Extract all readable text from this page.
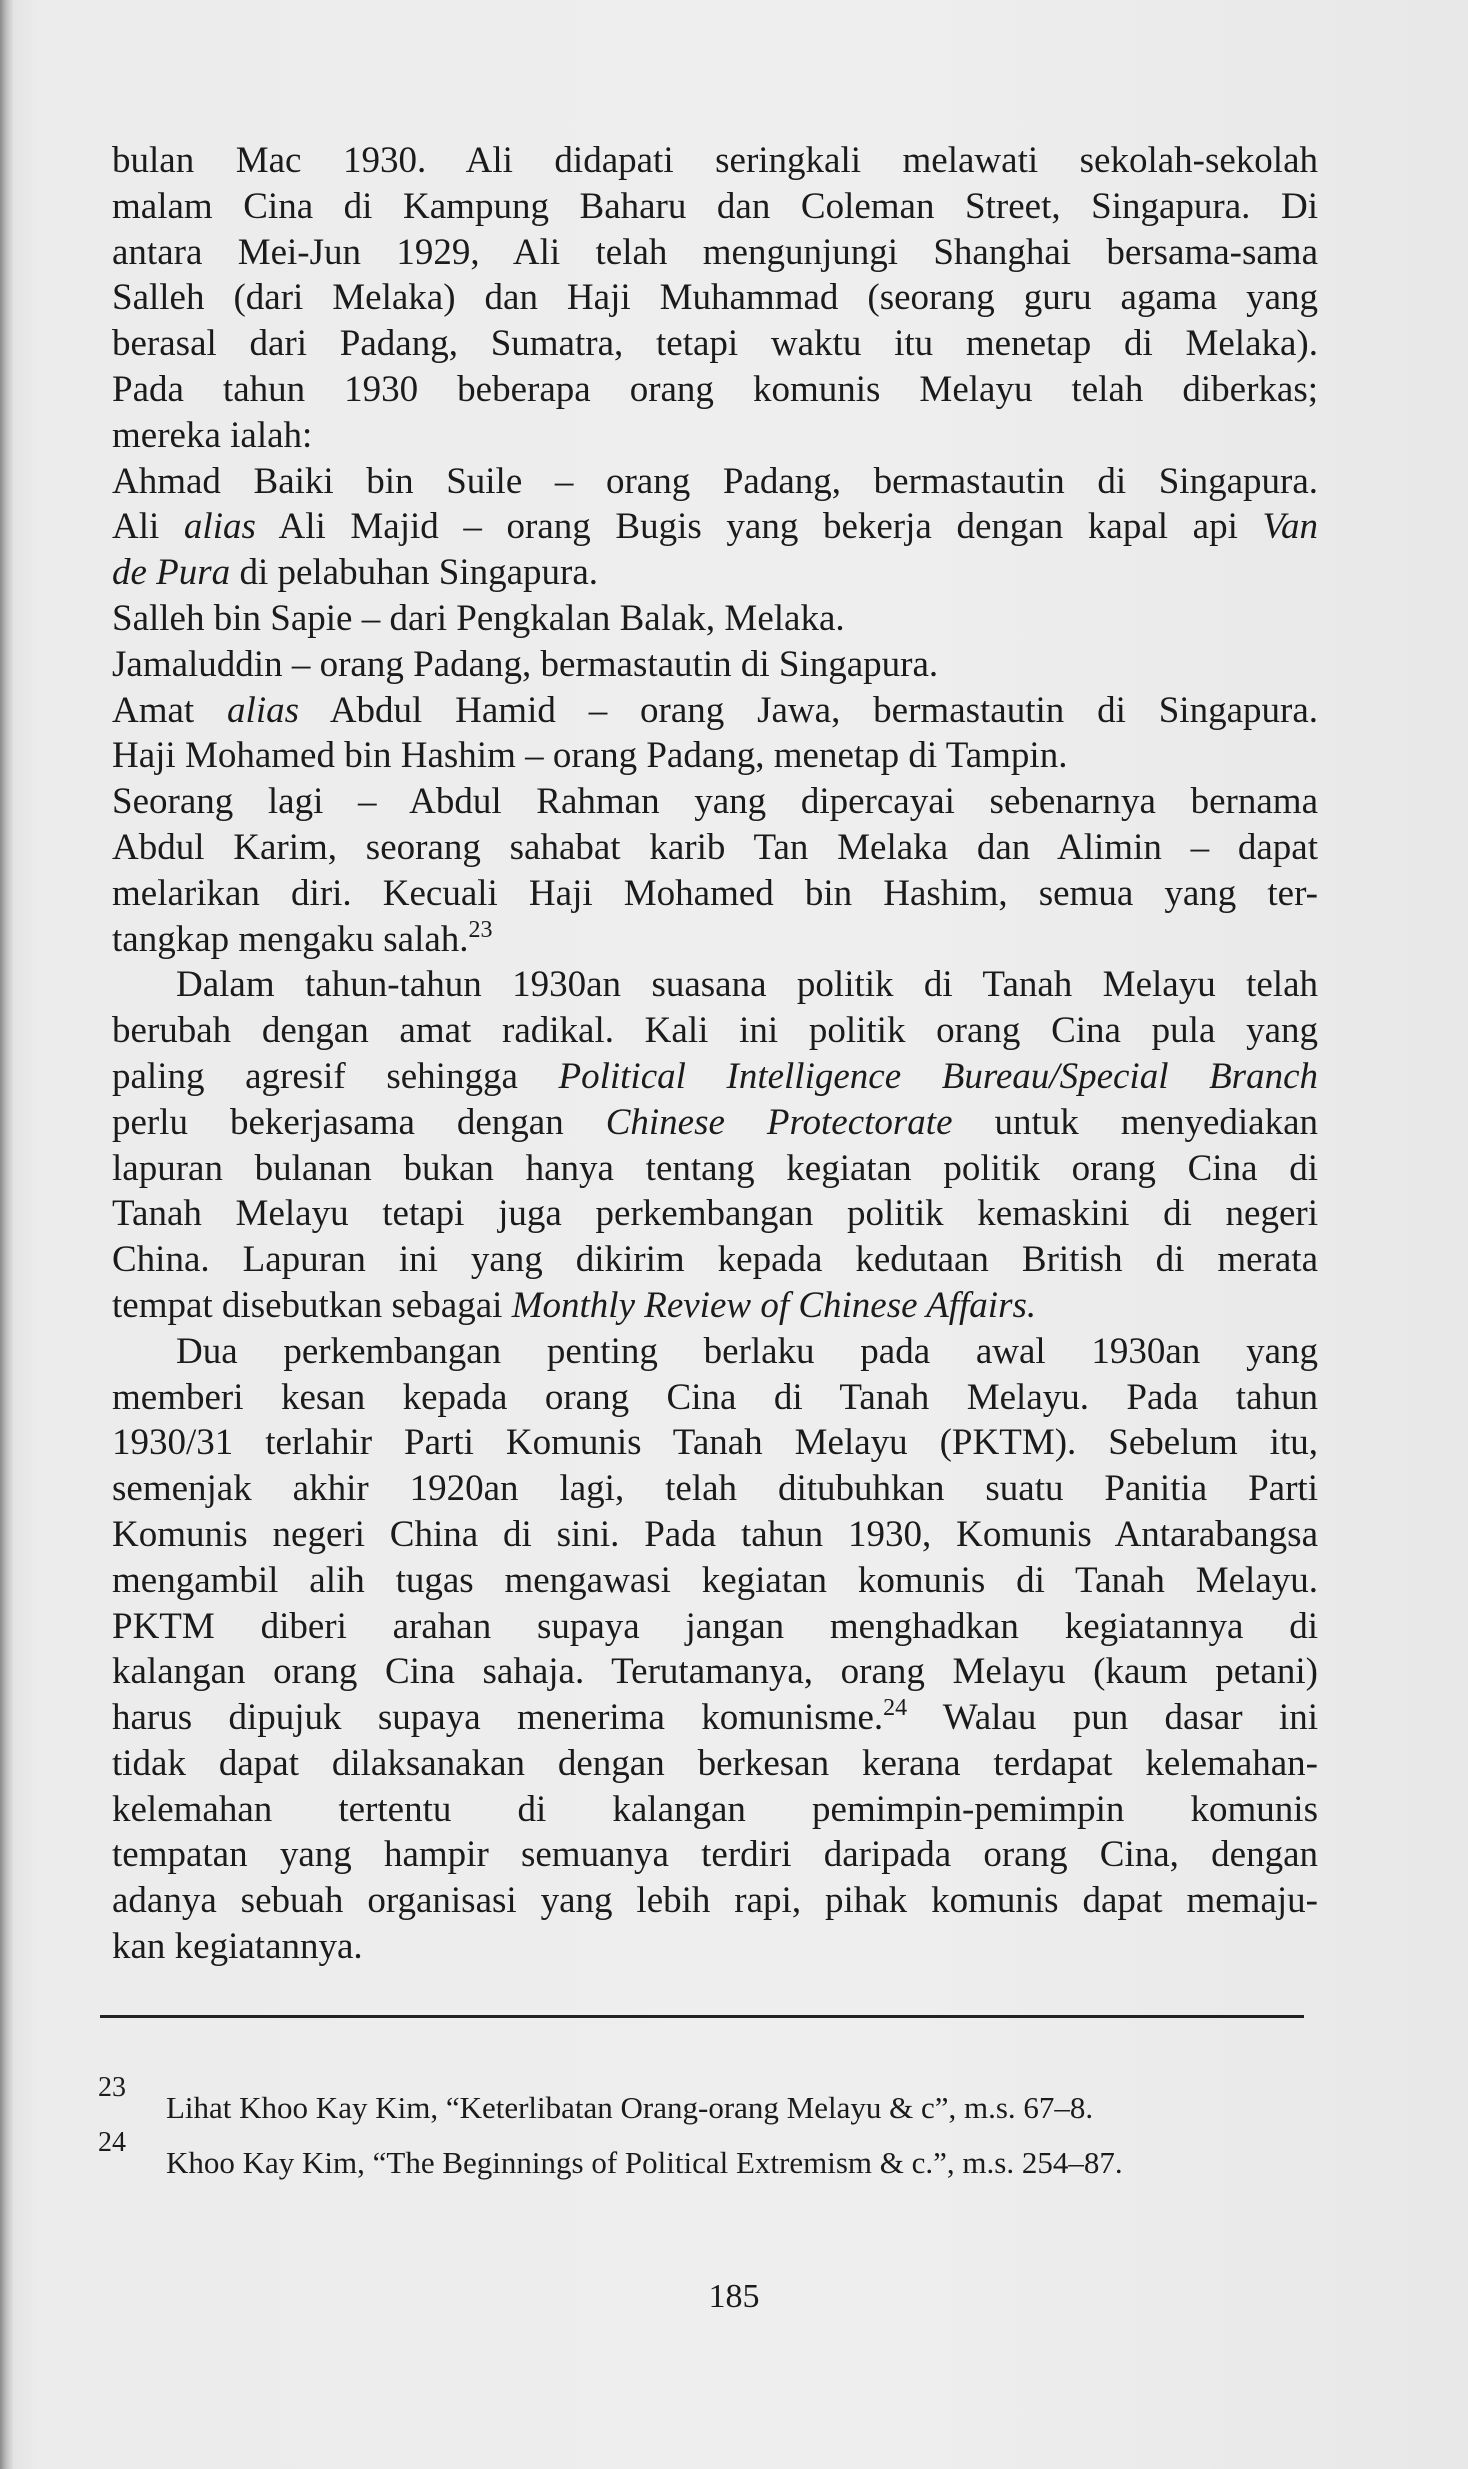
bulan Mac 1930. Ali didapati seringkali melawati sekolah-sekolah
malam Cina di Kampung Baharu dan Coleman Street, Singapura. Di
antara Mei-Jun 1929, Ali telah mengunjungi Shanghai bersama-sama
Salleh (dari Melaka) dan Haji Muhammad (seorang guru agama yang
berasal dari Padang, Sumatra, tetapi waktu itu menetap di Melaka).
Pada tahun 1930 beberapa orang komunis Melayu telah diberkas;
mereka ialah:
Ahmad Baiki bin Suile – orang Padang, bermastautin di Singapura.
Ali alias Ali Majid – orang Bugis yang bekerja dengan kapal api Van
de Pura di pelabuhan Singapura.
Salleh bin Sapie – dari Pengkalan Balak, Melaka.
Jamaluddin – orang Padang, bermastautin di Singapura.
Amat alias Abdul Hamid – orang Jawa, bermastautin di Singapura.
Haji Mohamed bin Hashim – orang Padang, menetap di Tampin.
Seorang lagi – Abdul Rahman yang dipercayai sebenarnya bernama
Abdul Karim, seorang sahabat karib Tan Melaka dan Alimin – dapat
melarikan diri. Kecuali Haji Mohamed bin Hashim, semua yang ter-
tangkap mengaku salah.$^{23}$
Dalam tahun-tahun 1930an suasana politik di Tanah Melayu telah
berubah dengan amat radikal. Kali ini politik orang Cina pula yang
paling agresif sehingga Political Intelligence Bureau/Special Branch
perlu bekerjasama dengan Chinese Protectorate untuk menyediakan
lapuran bulanan bukan hanya tentang kegiatan politik orang Cina di
Tanah Melayu tetapi juga perkembangan politik kemaskini di negeri
China. Lapuran ini yang dikirim kepada kedutaan British di merata
tempat disebutkan sebagai Monthly Review of Chinese Affairs.
Dua perkembangan penting berlaku pada awal 1930an yang
memberi kesan kepada orang Cina di Tanah Melayu. Pada tahun
1930/31 terlahir Parti Komunis Tanah Melayu (PKTM). Sebelum itu,
semenjak akhir 1920an lagi, telah ditubuhkan suatu Panitia Parti
Komunis negeri China di sini. Pada tahun 1930, Komunis Antarabangsa
mengambil alih tugas mengawasi kegiatan komunis di Tanah Melayu.
PKTM diberi arahan supaya jangan menghadkan kegiatannya di
kalangan orang Cina sahaja. Terutamanya, orang Melayu (kaum petani)
harus dipujuk supaya menerima komunisme.$^{24}$ Walau pun dasar ini
tidak dapat dilaksanakan dengan berkesan kerana terdapat kelemahan-
kelemahan tertentu di kalangan pemimpin-pemimpin komunis
tempatan yang hampir semuanya terdiri daripada orang Cina, dengan
adanya sebuah organisasi yang lebih rapi, pihak komunis dapat memaju-
kan kegiatannya.
23
Lihat Khoo Kay Kim, “Keterlibatan Orang-orang Melayu & c”, m.s. 67–8.
24
Khoo Kay Kim, “The Beginnings of Political Extremism & c.”, m.s. 254–87.
185
